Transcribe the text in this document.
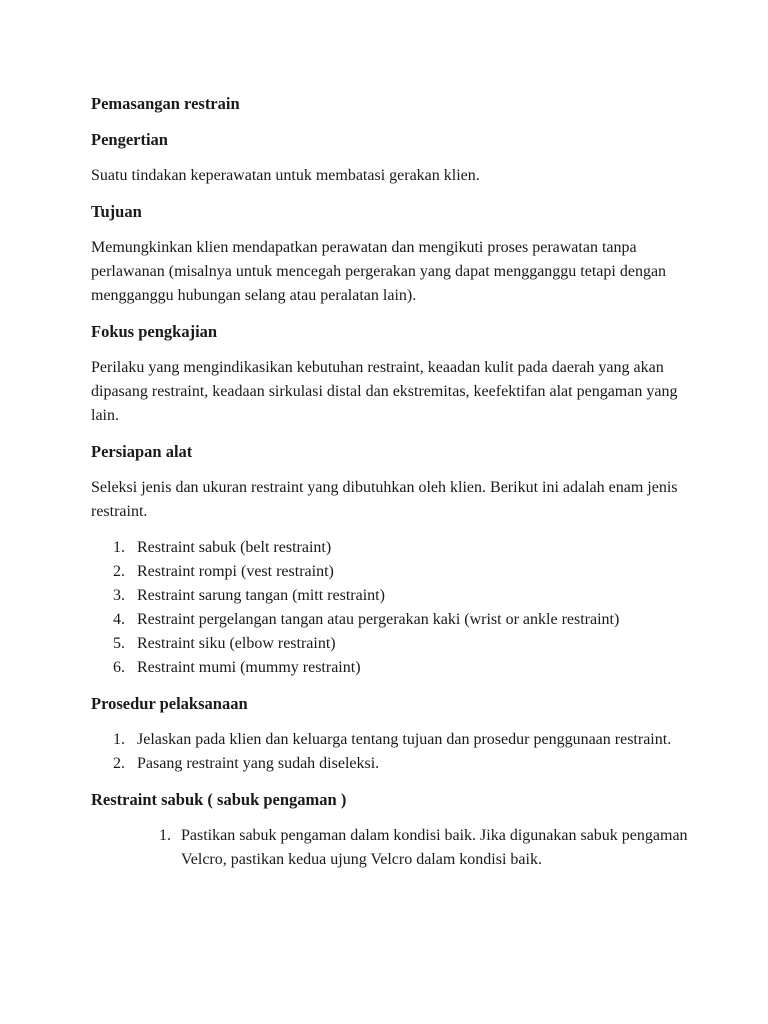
Pemasangan restrain

Pengertian

Suatu tindakan keperawatan untuk membatasi gerakan klien.

Tujuan

Memungkinkan klien mendapatkan perawatan dan mengikuti proses perawatan tanpa perlawanan (misalnya untuk mencegah pergerakan yang dapat mengganggu tetapi dengan mengganggu hubungan selang atau peralatan lain).

Fokus pengkajian

Perilaku yang mengindikasikan kebutuhan restraint, keaadan kulit pada daerah yang akan dipasang restraint, keadaan sirkulasi distal dan ekstremitas, keefektifan alat pengaman yang lain.

Persiapan alat

Seleksi jenis dan ukuran restraint yang dibutuhkan oleh klien. Berikut ini adalah enam jenis restraint.

1. Restraint sabuk (belt restraint)
2. Restraint rompi (vest restraint)
3. Restraint sarung tangan (mitt restraint)
4. Restraint pergelangan tangan atau pergerakan kaki (wrist or ankle restraint)
5. Restraint siku (elbow restraint)
6. Restraint mumi (mummy restraint)

Prosedur pelaksanaan

1. Jelaskan pada klien dan keluarga tentang tujuan dan prosedur penggunaan restraint.
2. Pasang restraint yang sudah diseleksi.

Restraint sabuk ( sabuk pengaman )

1. Pastikan sabuk pengaman dalam kondisi baik. Jika digunakan sabuk pengaman Velcro, pastikan kedua ujung Velcro dalam kondisi baik.
